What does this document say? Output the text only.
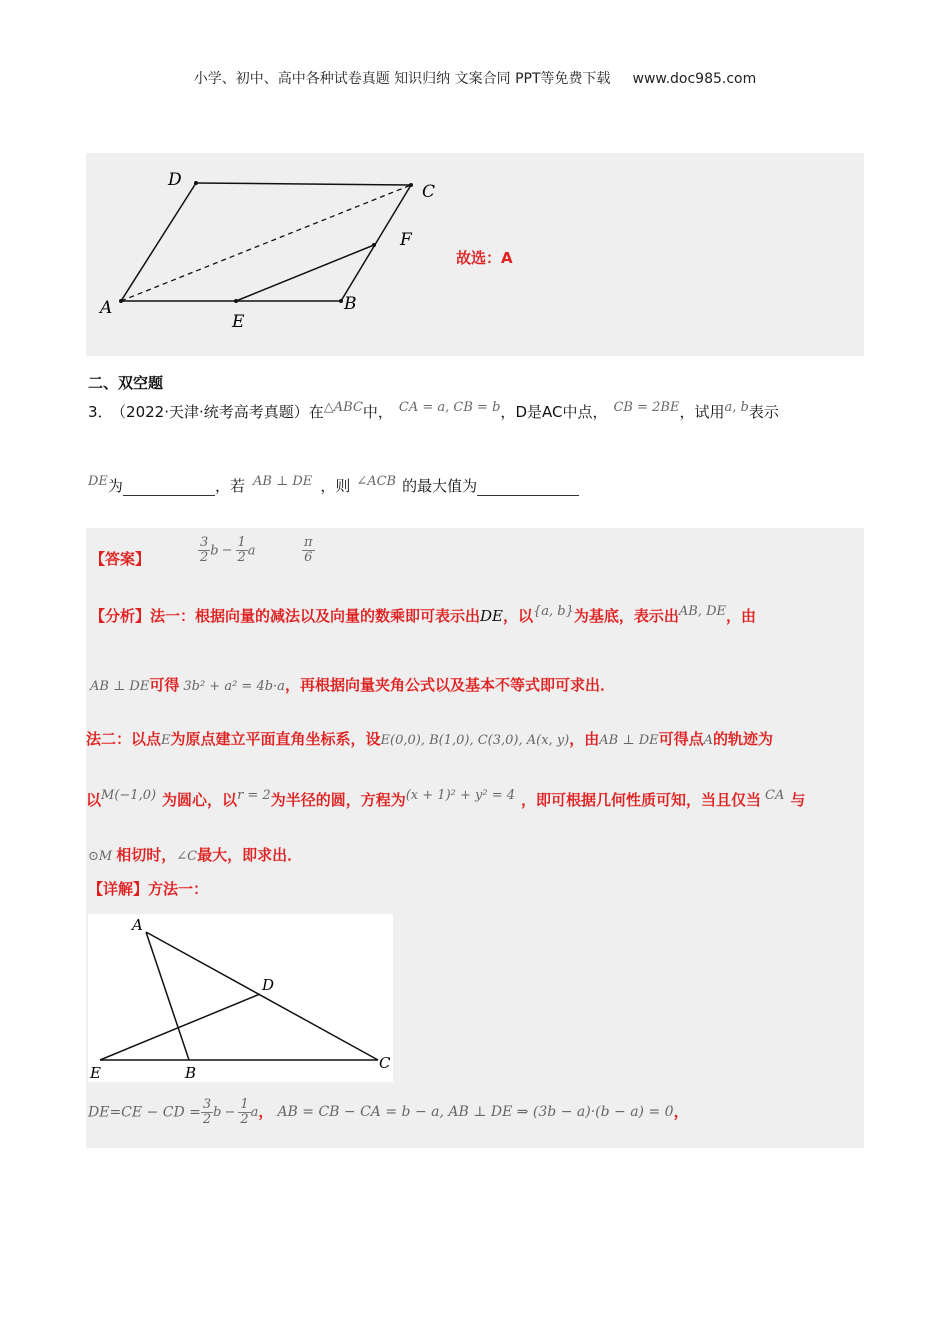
小学、初中、高中各种试卷真题 知识归纳 文案合同 PPT等免费下载 www.doc985.com
A
D
C
F
B
E
故选：A
二、双空题
3． （2022·天津·统考高考真题）在$^{\triangle ABC}$中， $^{CA = a, CB = b}$，D是AC中点， $^{CB = 2BE}$，试用$^{a, b}$表示
$^{DE}$为	，若 $^{AB \perp DE}$ ，则 $^{\angle ACB}$ 的最大值为
【答案】	$\frac{3}{2}$ $b - \frac{1}{2}$ a	$\frac{\pi}{6}$
【分析】法一：根据向量的减法以及向量的数乘即可表示出DE，以$^{\{a, b\}}$为基底，表示出$^{AB, DE}$，由
AB ⊥ DE可得 3b² + a² = 4b·a，再根据向量夹角公式以及基本不等式即可求出．
法二：以点E为原点建立平面直角坐标系，设E(0,0), B(1,0), C(3,0), A(x, y)，由AB ⊥ DE可得点A的轨迹为
以$^{M(-1,0)}$ 为圆心，以$^{r = 2}$为半径的圆，方程为$^{(x + 1)^2 + y^2 = 4}$ ，即可根据几何性质可知，当且仅当 $^{CA}$ 与
⊙M 相切时，∠C最大，即求出．
【详解】方法一：
A
D
E	B
C
DE=CE − CD = $\frac{3}{2}$ $b - \frac{1}{2}$ a， AB = CB − CA = b − a, AB ⊥ DE ⇒ (3b − a)·(b − a) = 0，
